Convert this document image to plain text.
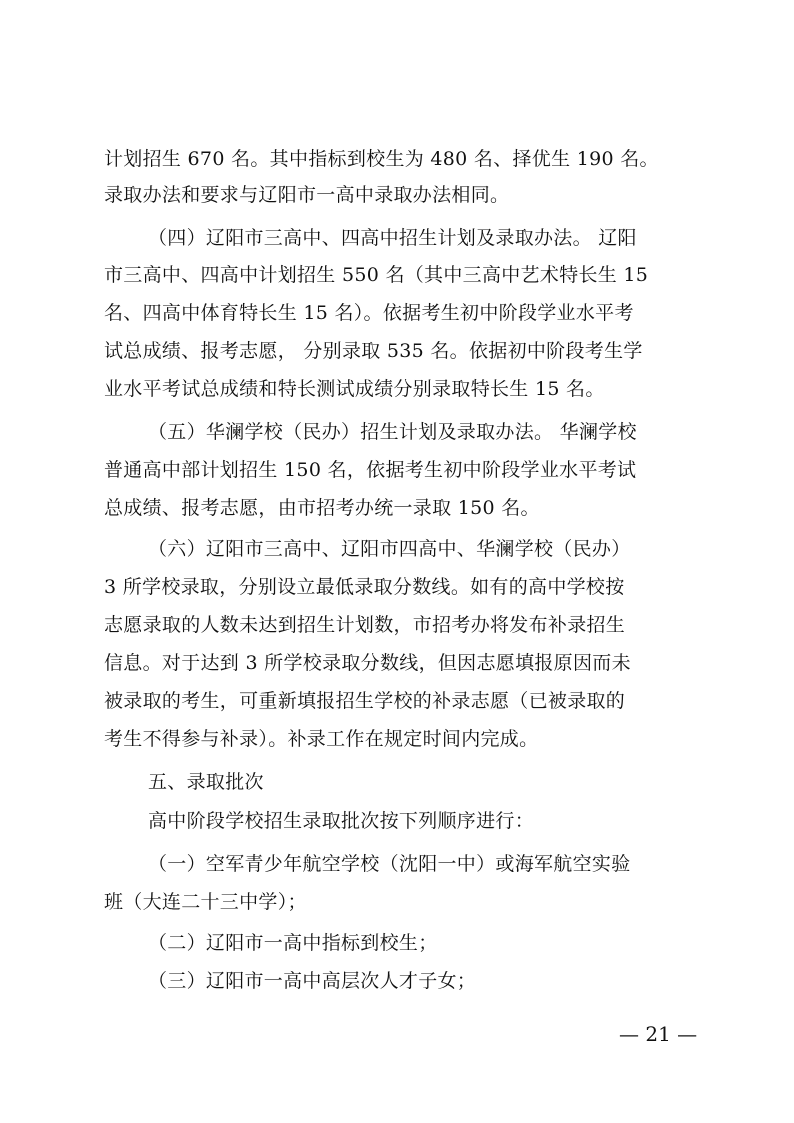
计划招生 670 名。其中指标到校生为 480 名、择优生 190 名。
录取办法和要求与辽阳市一高中录取办法相同。
（四）辽阳市三高中、四高中招生计划及录取办法。 辽阳
市三高中、四高中计划招生 550 名（其中三高中艺术特长生 15
名、四高中体育特长生 15 名）。依据考生初中阶段学业水平考
试总成绩、报考志愿， 分别录取 535 名。依据初中阶段考生学
业水平考试总成绩和特长测试成绩分别录取特长生 15 名。
（五）华澜学校（民办）招生计划及录取办法。 华澜学校
普通高中部计划招生 150 名，依据考生初中阶段学业水平考试
总成绩、报考志愿，由市招考办统一录取 150 名。
（六）辽阳市三高中、辽阳市四高中、华澜学校（民办）
3 所学校录取，分别设立最低录取分数线。如有的高中学校按
志愿录取的人数未达到招生计划数，市招考办将发布补录招生
信息。对于达到 3 所学校录取分数线，但因志愿填报原因而未
被录取的考生，可重新填报招生学校的补录志愿（已被录取的
考生不得参与补录）。补录工作在规定时间内完成。
五、录取批次
高中阶段学校招生录取批次按下列顺序进行：
（一）空军青少年航空学校（沈阳一中）或海军航空实验
班（大连二十三中学）；
（二）辽阳市一高中指标到校生；
（三）辽阳市一高中高层次人才子女；
— 21 —
